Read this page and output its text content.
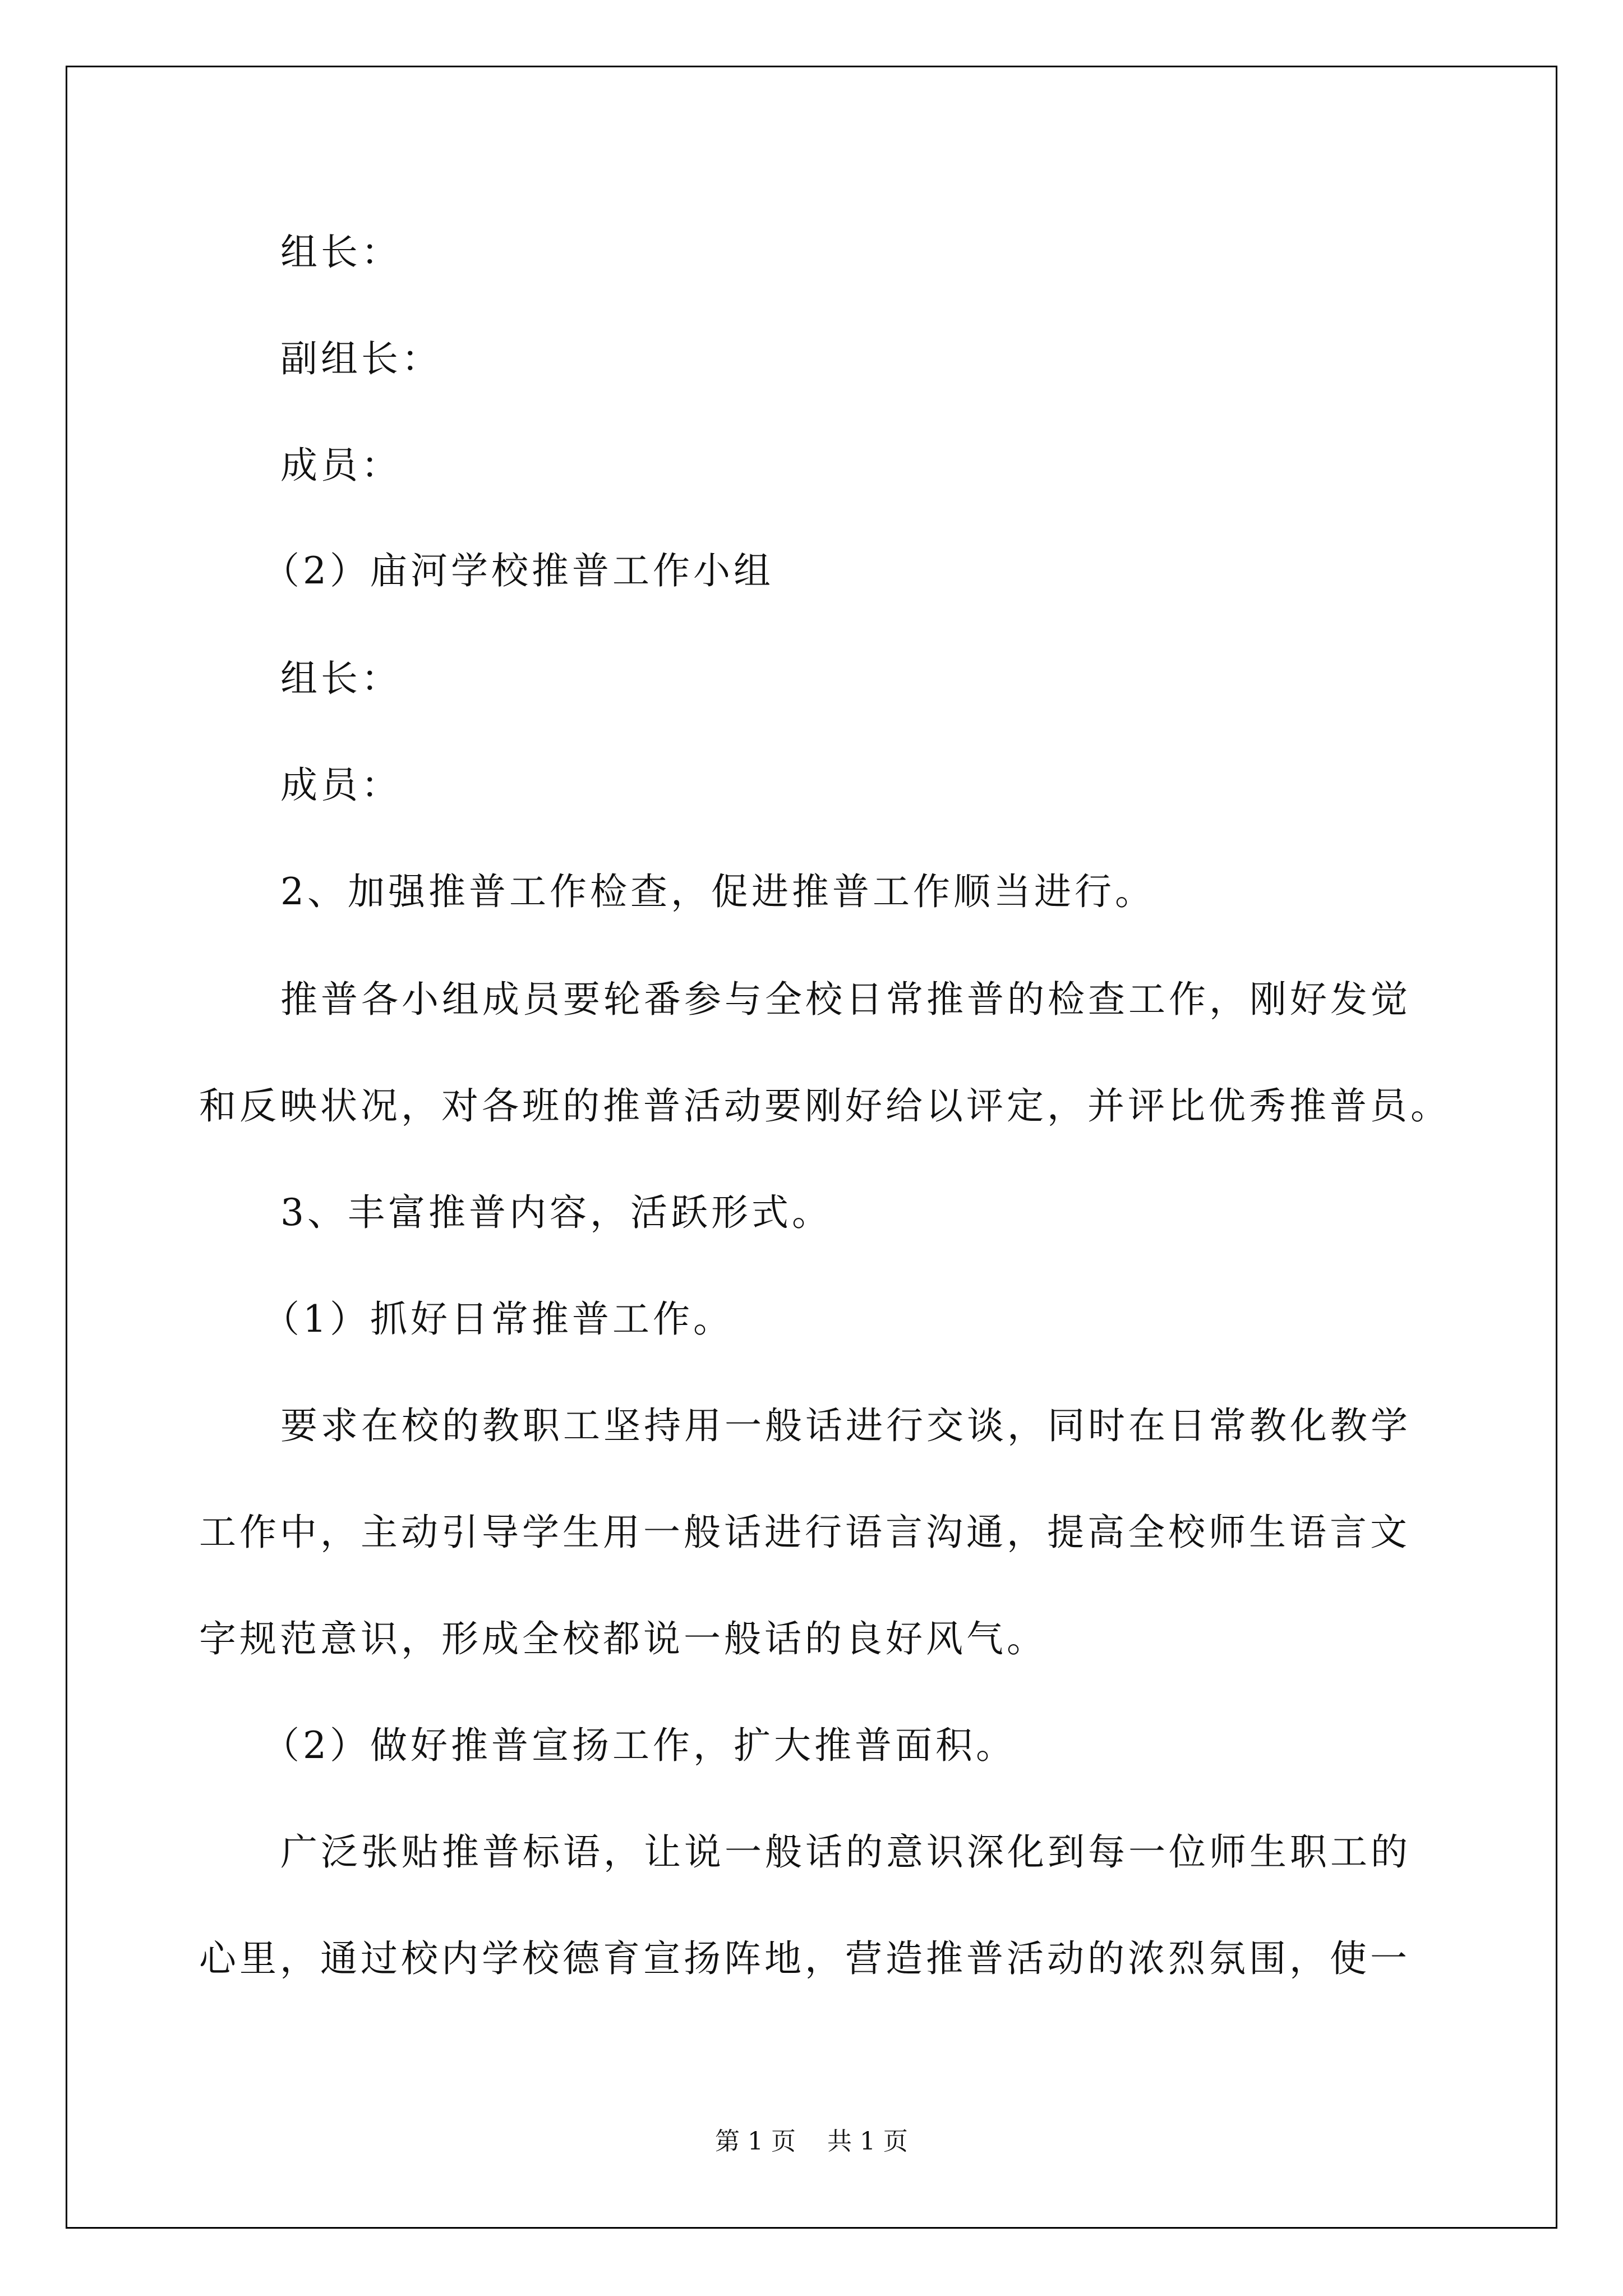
组长：
副组长：
成员：
（2）庙河学校推普工作小组
组长：
成员：
2、加强推普工作检查，促进推普工作顺当进行。
推普各小组成员要轮番参与全校日常推普的检查工作，刚好发觉
和反映状况，对各班的推普活动要刚好给以评定，并评比优秀推普员。
3、丰富推普内容，活跃形式。
（1）抓好日常推普工作。
要求在校的教职工坚持用一般话进行交谈，同时在日常教化教学
工作中，主动引导学生用一般话进行语言沟通，提高全校师生语言文
字规范意识，形成全校都说一般话的良好风气。
（2）做好推普宣扬工作，扩大推普面积。
广泛张贴推普标语，让说一般话的意识深化到每一位师生职工的
心里，通过校内学校德育宣扬阵地，营造推普活动的浓烈氛围，使一
第 1 页    共 1 页
